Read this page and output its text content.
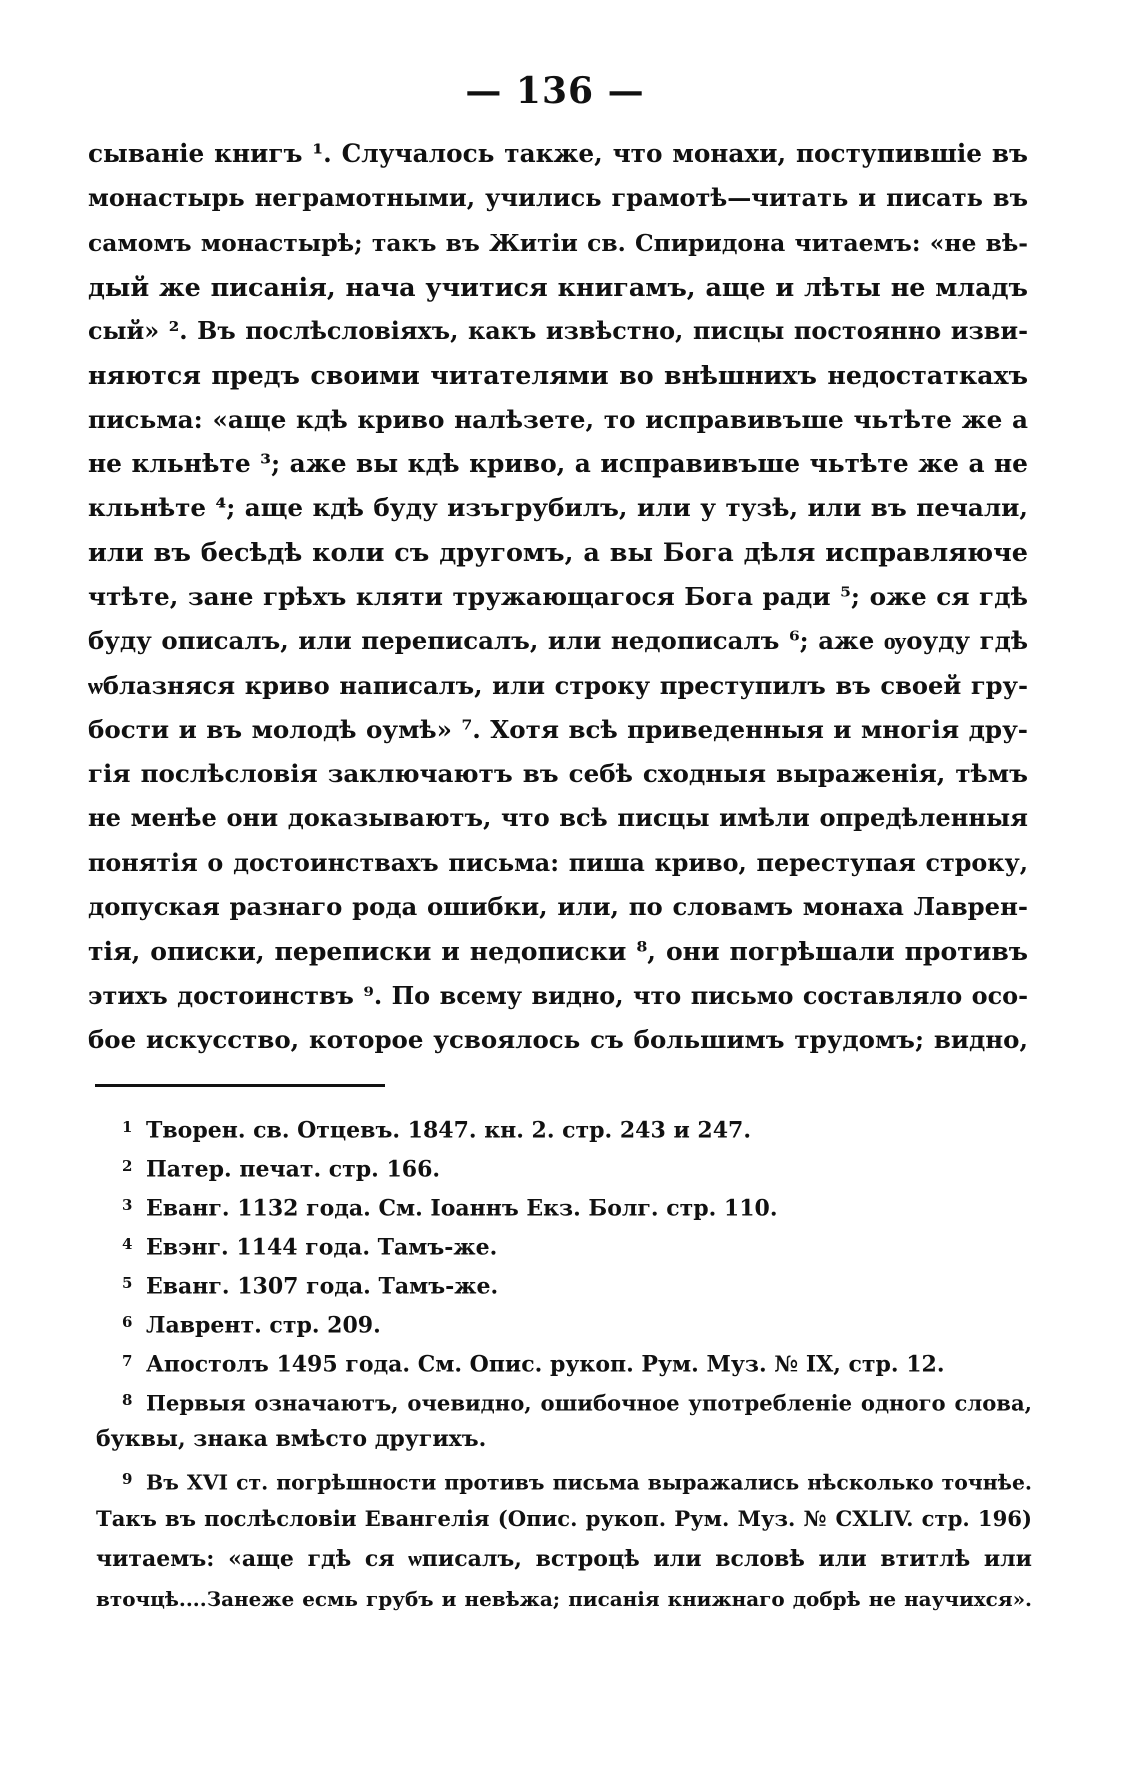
— 136 —
сываніе книгъ ¹. Случалось также, что монахи, поступившіе въ
монастырь неграмотными, учились грамотѣ—читать и писать въ
самомъ монастырѣ; такъ въ Житіи св. Спиридона читаемъ: «не вѣ-
дый же писанія, нача учитися книгамъ, аще и лѣты не младъ
сый» ². Въ послѣсловіяхъ, какъ извѣстно, писцы постоянно изви-
няются предъ своими читателями во внѣшнихъ недостаткахъ
письма: «аще кдѣ криво налѣзете, то исправивъше чьтѣте же а
не кльнѣте ³; аже вы кдѣ криво, а исправивъше чьтѣте же а не
кльнѣте ⁴; аще кдѣ буду изъгрубилъ, или у тузѣ, или въ печали,
или въ бесѣдѣ коли съ другомъ, а вы Бога дѣля исправляюче
чтѣте, зане грѣхъ кляти тружающагося Бога ради ⁵; оже ся гдѣ
буду описалъ, или переписалъ, или недописалъ ⁶; аже ѹоуду гдѣ
ѡблазняся криво написалъ, или строку преступилъ въ своей гру-
бости и въ молодѣ оумѣ» ⁷. Хотя всѣ приведенныя и многія дру-
гія послѣсловія заключаютъ въ себѣ сходныя выраженія, тѣмъ
не менѣе они доказываютъ, что всѣ писцы имѣли опредѣленныя
понятія о достоинствахъ письма: пиша криво, переступая строку,
допуская разнаго рода ошибки, или, по словамъ монаха Лаврен-
тія, описки, переписки и недописки ⁸, они погрѣшали противъ
этихъ достоинствъ ⁹. По всему видно, что письмо составляло осо-
бое искусство, которое усвоялось съ большимъ трудомъ; видно,
1 Творен. св. Отцевъ. 1847. кн. 2. стр. 243 и 247.
2 Патер. печат. стр. 166.
3 Еванг. 1132 года. См. Іоаннъ Екз. Болг. стр. 110.
4 Евэнг. 1144 года. Тамъ-же.
5 Еванг. 1307 года. Тамъ-же.
6 Лаврент. стр. 209.
7 Апостолъ 1495 года. См. Опис. рукоп. Рум. Муз. № IX, стр. 12.
8 Первыя означаютъ, очевидно, ошибочное употребленіе одного слова,
буквы, знака вмѣсто другихъ.
9 Въ XVI ст. погрѣшности противъ письма выражались нѣсколько точнѣе.
Такъ въ послѣсловіи Евангелія (Опис. рукоп. Рум. Муз. № CXLIV. стр. 196)
читаемъ: «аще гдѣ ся ѡписалъ, встроцѣ или всловѣ или втитлѣ или
вточцѣ....Занеже есмь грубъ и невѣжа; писанія книжнаго добрѣ не научихся».
